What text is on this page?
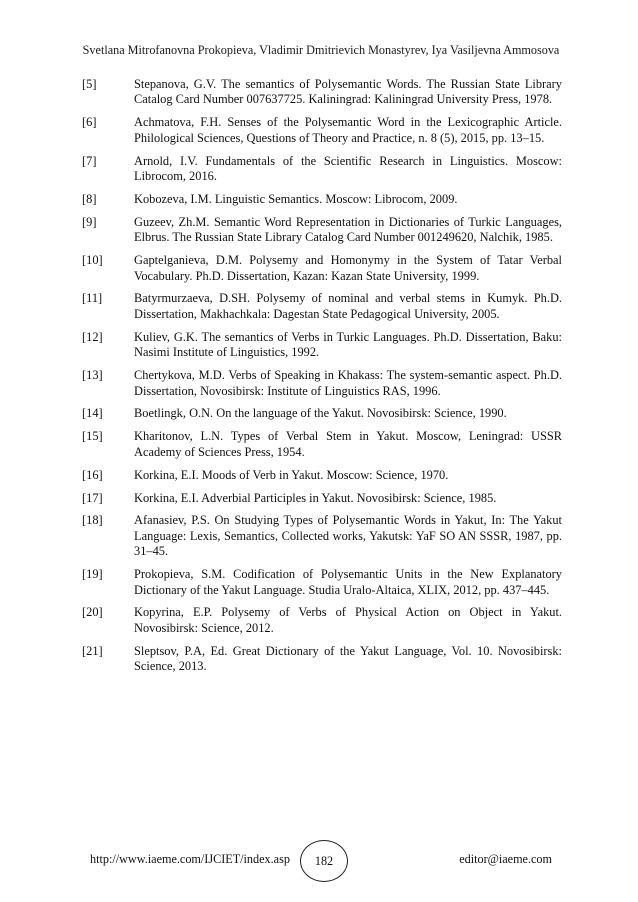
Svetlana Mitrofanovna Prokopieva, Vladimir Dmitrievich Monastyrev, Iya Vasiljevna Ammosova
[5]	Stepanova, G.V. The semantics of Polysemantic Words. The Russian State Library Catalog Card Number 007637725. Kaliningrad: Kaliningrad University Press, 1978.
[6]	Achmatova, F.H. Senses of the Polysemantic Word in the Lexicographic Article. Philological Sciences, Questions of Theory and Practice, n. 8 (5), 2015, pp. 13–15.
[7]	Arnold, I.V. Fundamentals of the Scientific Research in Linguistics. Moscow: Librocom, 2016.
[8]	Kobozeva, I.M. Linguistic Semantics. Moscow: Librocom, 2009.
[9]	Guzeev, Zh.M. Semantic Word Representation in Dictionaries of Turkic Languages, Elbrus. The Russian State Library Catalog Card Number 001249620, Nalchik, 1985.
[10]	Gaptelganieva, D.M. Polysemy and Homonymy in the System of Tatar Verbal Vocabulary. Ph.D. Dissertation, Kazan: Kazan State University, 1999.
[11]	Batyrmurzaeva, D.SH. Polysemy of nominal and verbal stems in Kumyk. Ph.D. Dissertation, Makhachkala: Dagestan State Pedagogical University, 2005.
[12]	Kuliev, G.K. The semantics of Verbs in Turkic Languages. Ph.D. Dissertation, Baku: Nasimi Institute of Linguistics, 1992.
[13]	Chertykova, M.D. Verbs of Speaking in Khakass: The system-semantic aspect. Ph.D. Dissertation, Novosibirsk: Institute of Linguistics RAS, 1996.
[14]	Boetlingk, O.N. On the language of the Yakut. Novosibirsk: Science, 1990.
[15]	Kharitonov, L.N. Types of Verbal Stem in Yakut. Moscow, Leningrad: USSR Academy of Sciences Press, 1954.
[16]	Korkina, E.I. Moods of Verb in Yakut. Moscow: Science, 1970.
[17]	Korkina, E.I. Adverbial Participles in Yakut. Novosibirsk: Science, 1985.
[18]	Afanasiev, P.S. On Studying Types of Polysemantic Words in Yakut, In: The Yakut Language: Lexis, Semantics, Collected works, Yakutsk: YaF SO AN SSSR, 1987, pp. 31–45.
[19]	Prokopieva, S.M. Codification of Polysemantic Units in the New Explanatory Dictionary of the Yakut Language. Studia Uralo-Altaica, XLIX, 2012, pp. 437–445.
[20]	Kopyrina, E.P. Polysemy of Verbs of Physical Action on Object in Yakut. Novosibirsk: Science, 2012.
[21]	Sleptsov, P.A, Ed. Great Dictionary of the Yakut Language, Vol. 10. Novosibirsk: Science, 2013.
http://www.iaeme.com/IJCIET/index.asp	182	editor@iaeme.com
